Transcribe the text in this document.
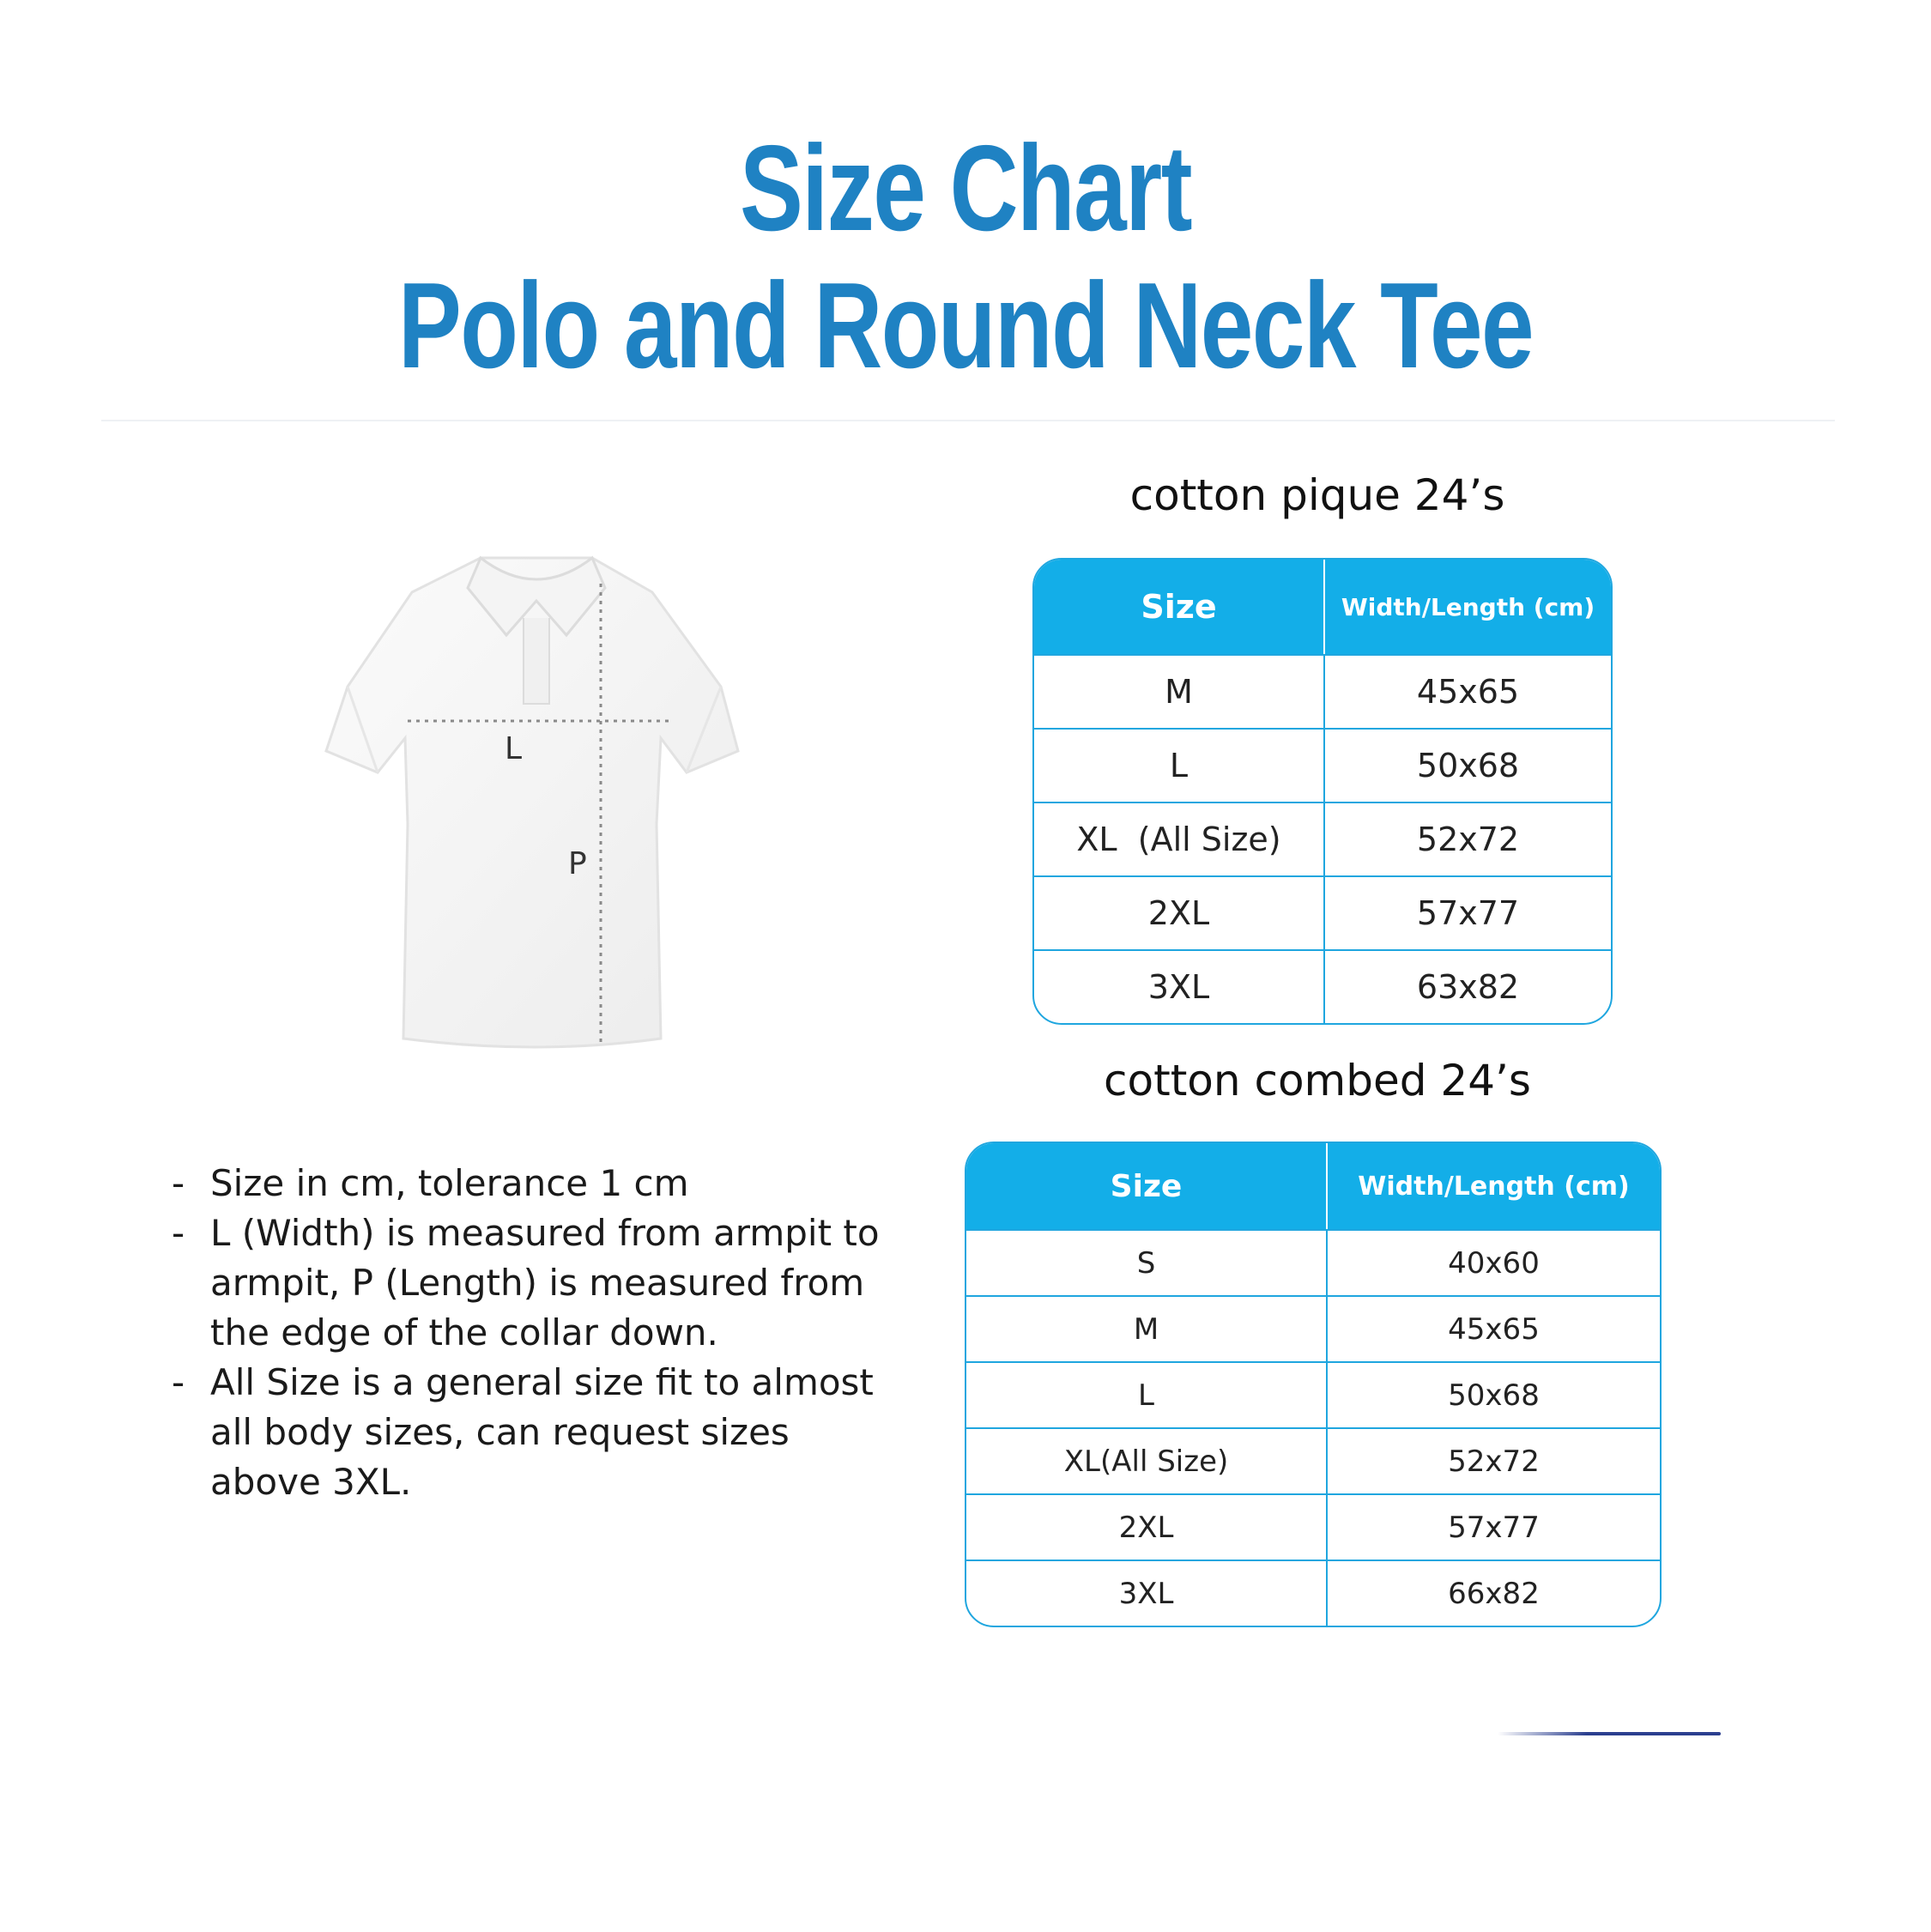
Size Chart
Polo and Round Neck Tee
L
P
- Size in cm, tolerance 1 cm
- L (Width) is measured from armpit to armpit, P (Length) is measured from the edge of the collar down.
- All Size is a general size fit to almost all body sizes, can request sizes above 3XL.
cotton pique 24’s
Size	Width/Length (cm)
M	45x65
L	50x68
XL  (All Size)	52x72
2XL	57x77
3XL	63x82
cotton combed 24’s
Size	Width/Length (cm)
S	40x60
M	45x65
L	50x68
XL(All Size)	52x72
2XL	57x77
3XL	66x82
